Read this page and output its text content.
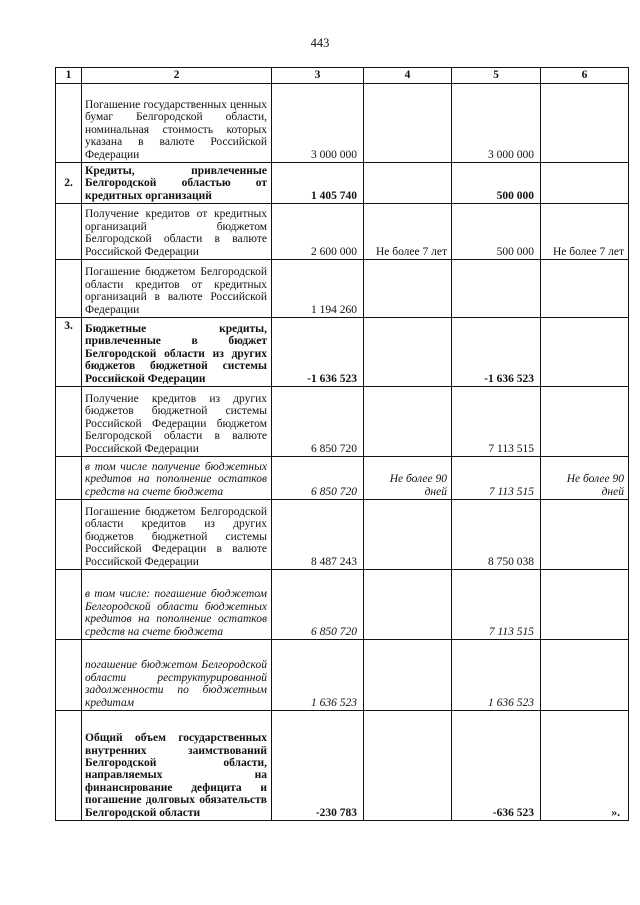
443
1	2	3	4	5	6
	Погашение государственных ценных бумаг Белгородской области, номинальная стоимость которых указана в валюте Российской Федерации	3 000 000		3 000 000	
2.	Кредиты, привлеченные Белгородской областью от кредитных организаций	1 405 740		500 000	
	Получение кредитов от кредитных организаций бюджетом Белгородской области в валюте Российской Федерации	2 600 000	Не более 7 лет	500 000	Не более 7 лет
	Погашение бюджетом Белгородской области кредитов от кредитных организаций в валюте Российской Федерации	1 194 260			
3.	Бюджетные кредиты, привлеченные в бюджет Белгородской области из других бюджетов бюджетной системы Российской Федерации	-1 636 523		-1 636 523	
	Получение кредитов из других бюджетов бюджетной системы Российской Федерации бюджетом Белгородской области в валюте Российской Федерации	6 850 720		7 113 515	
	в том числе получение бюджетных кредитов на пополнение остатков средств на счете бюджета	6 850 720	Не более 90 дней	7 113 515	Не более 90 дней
	Погашение бюджетом Белгородской области кредитов из других бюджетов бюджетной системы Российской Федерации в валюте Российской Федерации	8 487 243		8 750 038	
	в том числе: погашение бюджетом Белгородской области бюджетных кредитов на пополнение остатков средств на счете бюджета	6 850 720		7 113 515	
	погашение бюджетом Белгородской области реструктурированной задолженности по бюджетным кредитам	1 636 523		1 636 523	
	Общий объем государственных внутренних заимствований Белгородской области, направляемых на финансирование дефицита и погашение долговых обязательств Белгородской области	-230 783		-636 523	».
